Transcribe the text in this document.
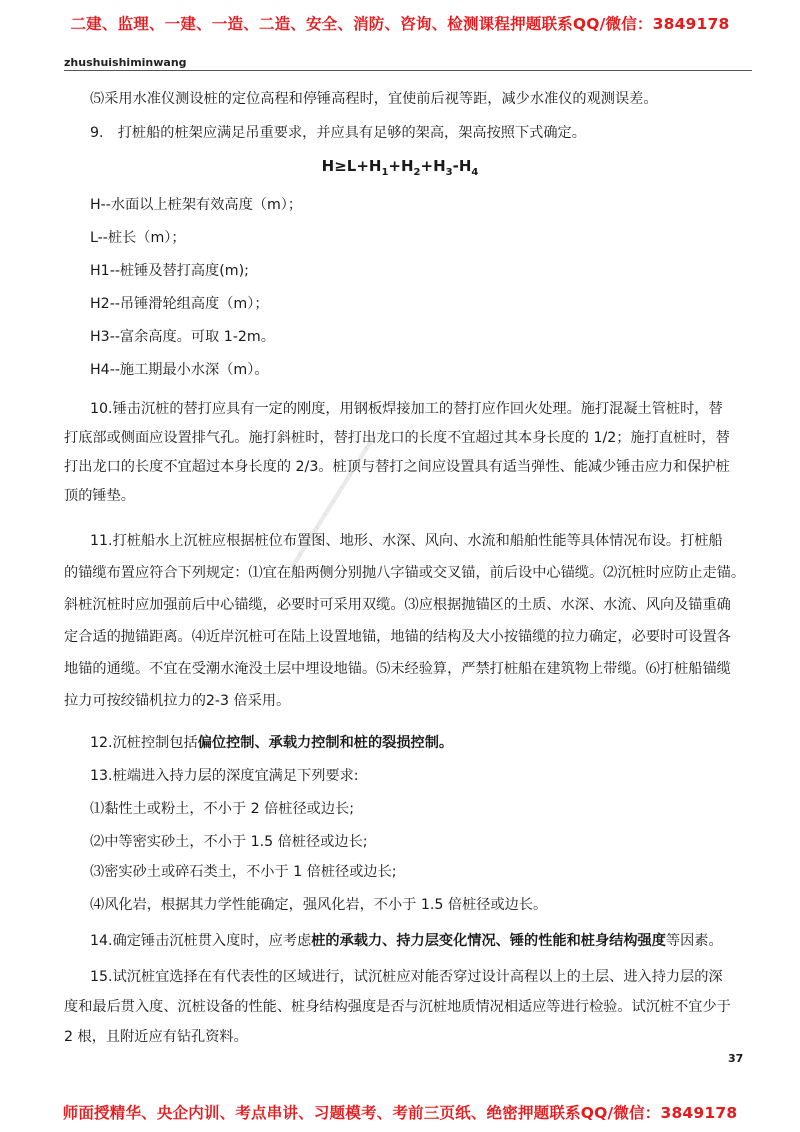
二建、监理、一建、一造、二造、安全、消防、咨询、检测课程押题联系QQ/微信：3849178
zhushuishiminwang
⑸采用水准仪测设桩的定位高程和停锤高程时，宜使前后视等距，减少水准仪的观测误差。
9.　打桩船的桩架应满足吊重要求，并应具有足够的架高，架高按照下式确定。
$H\ge L+H_1+H_2+H_3-H_4$
H--水面以上桩架有效高度（m）；
L--桩长（m）；
H1--桩锤及替打高度(m);
H2--吊锤滑轮组高度（m）；
H3--富余高度。可取 1-2m。
H4--施工期最小水深（m）。
10.锤击沉桩的替打应具有一定的刚度，用钢板焊接加工的替打应作回火处理。施打混凝土管桩时，替
打底部或侧面应设置排气孔。施打斜桩时，替打出龙口的长度不宜超过其本身长度的 1/2；施打直桩时，替
打出龙口的长度不宜超过本身长度的 2/3。桩顶与替打之间应设置具有适当弹性、能减少锤击应力和保护桩
顶的锤垫。
11.打桩船水上沉桩应根据桩位布置图、地形、水深、风向、水流和船舶性能等具体情况布设。打桩船
的锚缆布置应符合下列规定：⑴宜在船两侧分别抛八字锚或交叉锚，前后设中心锚缆。⑵沉桩时应防止走锚。
斜桩沉桩时应加强前后中心锚缆，必要时可采用双缆。⑶应根据抛锚区的土质、水深、水流、风向及锚重确
定合适的抛锚距离。⑷近岸沉桩可在陆上设置地锚，地锚的结构及大小按锚缆的拉力确定，必要时可设置各
地锚的通缆。不宜在受潮水淹没土层中埋设地锚。⑸未经验算，严禁打桩船在建筑物上带缆。⑹打桩船锚缆
拉力可按绞锚机拉力的2-3 倍采用。
12.沉桩控制包括偏位控制、承载力控制和桩的裂损控制。
13.桩端进入持力层的深度宜满足下列要求:
⑴黏性土或粉土，不小于 2 倍桩径或边长;
⑵中等密实砂土，不小于 1.5 倍桩径或边长;
⑶密实砂土或碎石类土，不小于 1 倍桩径或边长;
⑷风化岩，根据其力学性能确定，强风化岩，不小于 1.5 倍桩径或边长。
14.确定锤击沉桩贯入度时，应考虑桩的承载力、持力层变化情况、锤的性能和桩身结构强度等因素。
15.试沉桩宜选择在有代表性的区域进行，试沉桩应对能否穿过设计高程以上的土层、进入持力层的深
度和最后贯入度、沉桩设备的性能、桩身结构强度是否与沉桩地质情况相适应等进行检验。试沉桩不宜少于
2 根，且附近应有钻孔资料。
37
师面授精华、央企内训、考点串讲、习题模考、考前三页纸、绝密押题联系QQ/微信：3849178
━━━━━━━━━━
